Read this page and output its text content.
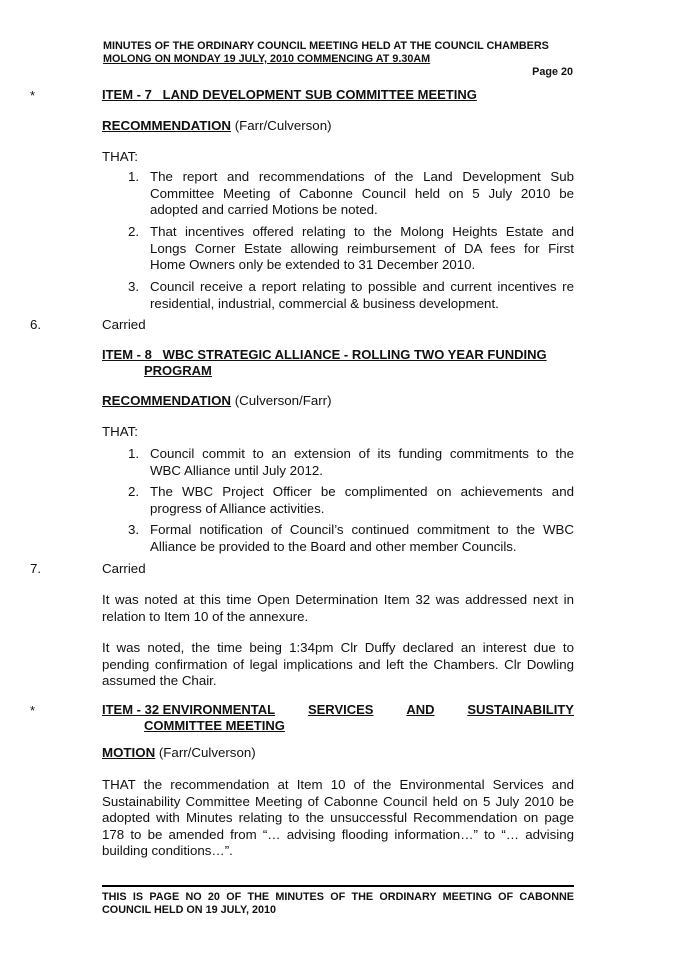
MINUTES OF THE ORDINARY COUNCIL MEETING HELD AT THE COUNCIL CHAMBERS
MOLONG ON MONDAY 19 JULY, 2010 COMMENCING AT 9.30AM
Page 20
*	ITEM - 7   LAND DEVELOPMENT SUB COMMITTEE MEETING
RECOMMENDATION (Farr/Culverson)
THAT:
1. The report and recommendations of the Land Development Sub
Committee Meeting of Cabonne Council held on 5 July 2010 be
adopted and carried Motions be noted.
2. That incentives offered relating to the Molong Heights Estate and
Longs Corner Estate allowing reimbursement of DA fees for First
Home Owners only be extended to 31 December 2010.
3. Council receive a report relating to possible and current incentives re
residential, industrial, commercial & business development.
6.	Carried
ITEM - 8   WBC STRATEGIC ALLIANCE - ROLLING TWO YEAR FUNDING
PROGRAM
RECOMMENDATION (Culverson/Farr)
THAT:
1. Council commit to an extension of its funding commitments to the
WBC Alliance until July 2012.
2. The WBC Project Officer be complimented on achievements and
progress of Alliance activities.
3. Formal notification of Council’s continued commitment to the WBC
Alliance be provided to the Board and other member Councils.
7.	Carried
It was noted at this time Open Determination Item 32 was addressed next in
relation to Item 10 of the annexure.
It was noted, the time being 1:34pm Clr Duffy declared an interest due to
pending confirmation of legal implications and left the Chambers. Clr Dowling
assumed the Chair.
*	ITEM - 32 ENVIRONMENTAL	SERVICES	AND	SUSTAINABILITY
COMMITTEE MEETING
MOTION (Farr/Culverson)
THAT the recommendation at Item 10 of the Environmental Services and
Sustainability Committee Meeting of Cabonne Council held on 5 July 2010 be
adopted with Minutes relating to the unsuccessful Recommendation on page
178 to be amended from “… advising flooding information…” to “… advising
building conditions…”.
THIS IS PAGE NO 20 OF THE MINUTES OF THE ORDINARY MEETING OF CABONNE
COUNCIL HELD ON 19 JULY, 2010
